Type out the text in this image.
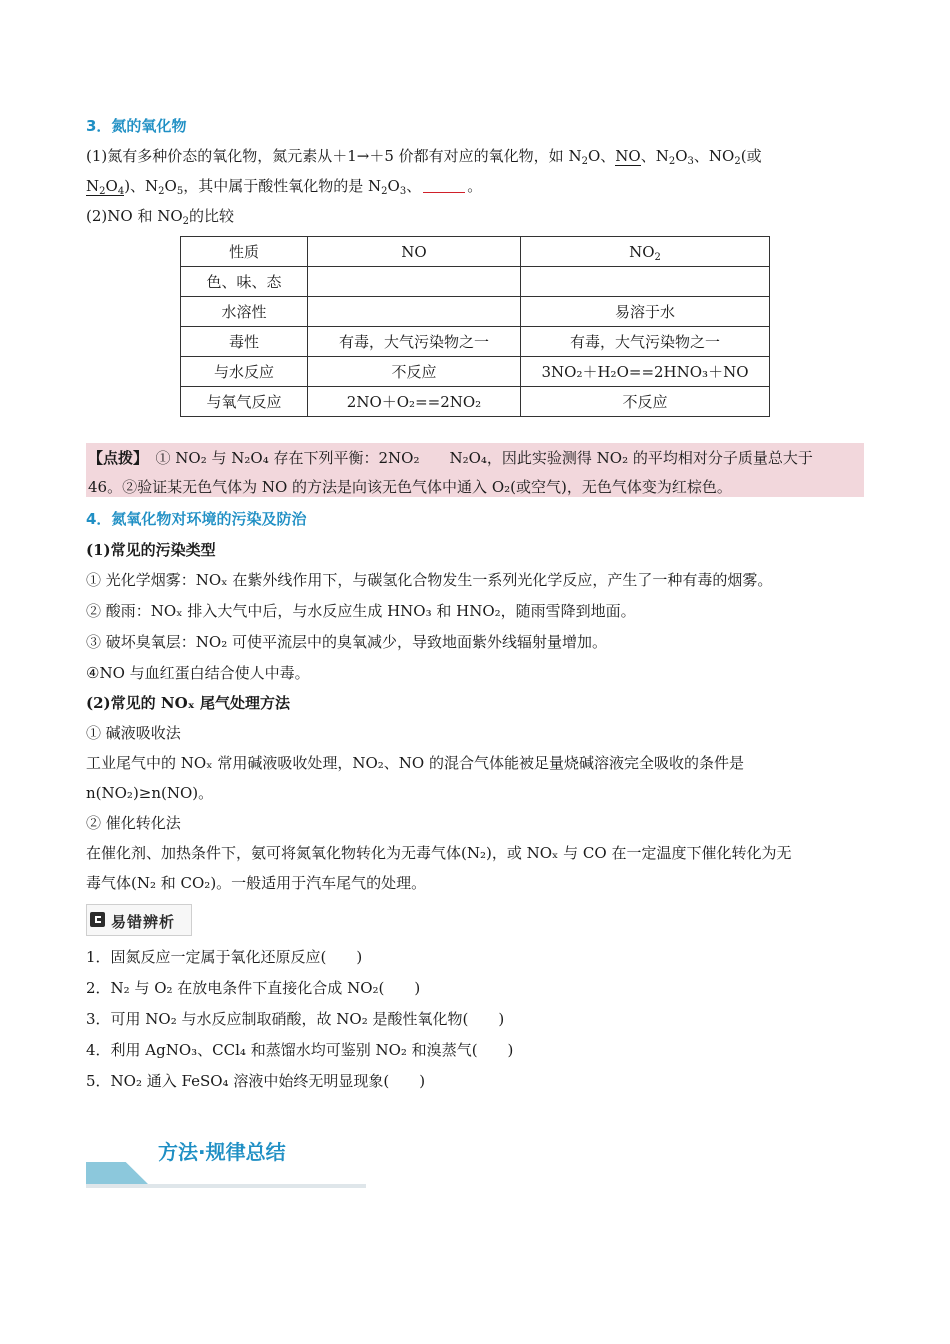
3．氮的氧化物
(1)氮有多种价态的氧化物，氮元素从＋1→＋5 价都有对应的氧化物，如 $N_2O$、NO、$N_2O_3$、$NO_2$(或
$N_2O_4$)、$N_2O_5$，其中属于酸性氧化物的是 $N_2O_3$、	。
(2)NO 和 $NO_2$的比较
性质	NO	$NO_2$
色、味、态		
水溶性		易溶于水
毒性	有毒，大气污染物之一	有毒，大气污染物之一
与水反应	不反应	3NO₂＋H₂O==2HNO₃＋NO
与氧气反应	2NO＋O₂==2NO₂	不反应
【点拨】　 ① NO₂ 与 N₂O₄ 存在下列平衡：2NO₂　　N₂O₄，因此实验测得 NO₂ 的平均相对分子质量总大于
46。②验证某无色气体为 NO 的方法是向该无色气体中通入 O₂(或空气)，无色气体变为红棕色。
4．氮氧化物对环境的污染及防治
(1)常见的污染类型
① 光化学烟雾：NOₓ 在紫外线作用下，与碳氢化合物发生一系列光化学反应，产生了一种有毒的烟雾。
② 酸雨：NOₓ 排入大气中后，与水反应生成 HNO₃ 和 HNO₂，随雨雪降到地面。
③ 破坏臭氧层：NO₂ 可使平流层中的臭氧减少，导致地面紫外线辐射量增加。
④NO 与血红蛋白结合使人中毒。
(2)常见的 NOₓ 尾气处理方法
① 碱液吸收法
工业尾气中的 NOₓ 常用碱液吸收处理，NO₂、NO 的混合气体能被足量烧碱溶液完全吸收的条件是
n(NO₂)≥n(NO)。
② 催化转化法
在催化剂、加热条件下，氨可将氮氧化物转化为无毒气体(N₂)，或 NOₓ 与 CO 在一定温度下催化转化为无
毒气体(N₂ 和 CO₂)。一般适用于汽车尾气的处理。
易错辨析
1．固氮反应一定属于氧化还原反应(　　)
2．N₂ 与 O₂ 在放电条件下直接化合成 NO₂(　　)
3．可用 NO₂ 与水反应制取硝酸，故 NO₂ 是酸性氧化物(　　)
4．利用 AgNO₃、CCl₄ 和蒸馏水均可鉴别 NO₂ 和溴蒸气(　　)
5．NO₂ 通入 FeSO₄ 溶液中始终无明显现象(　　)
方法·规律总结
